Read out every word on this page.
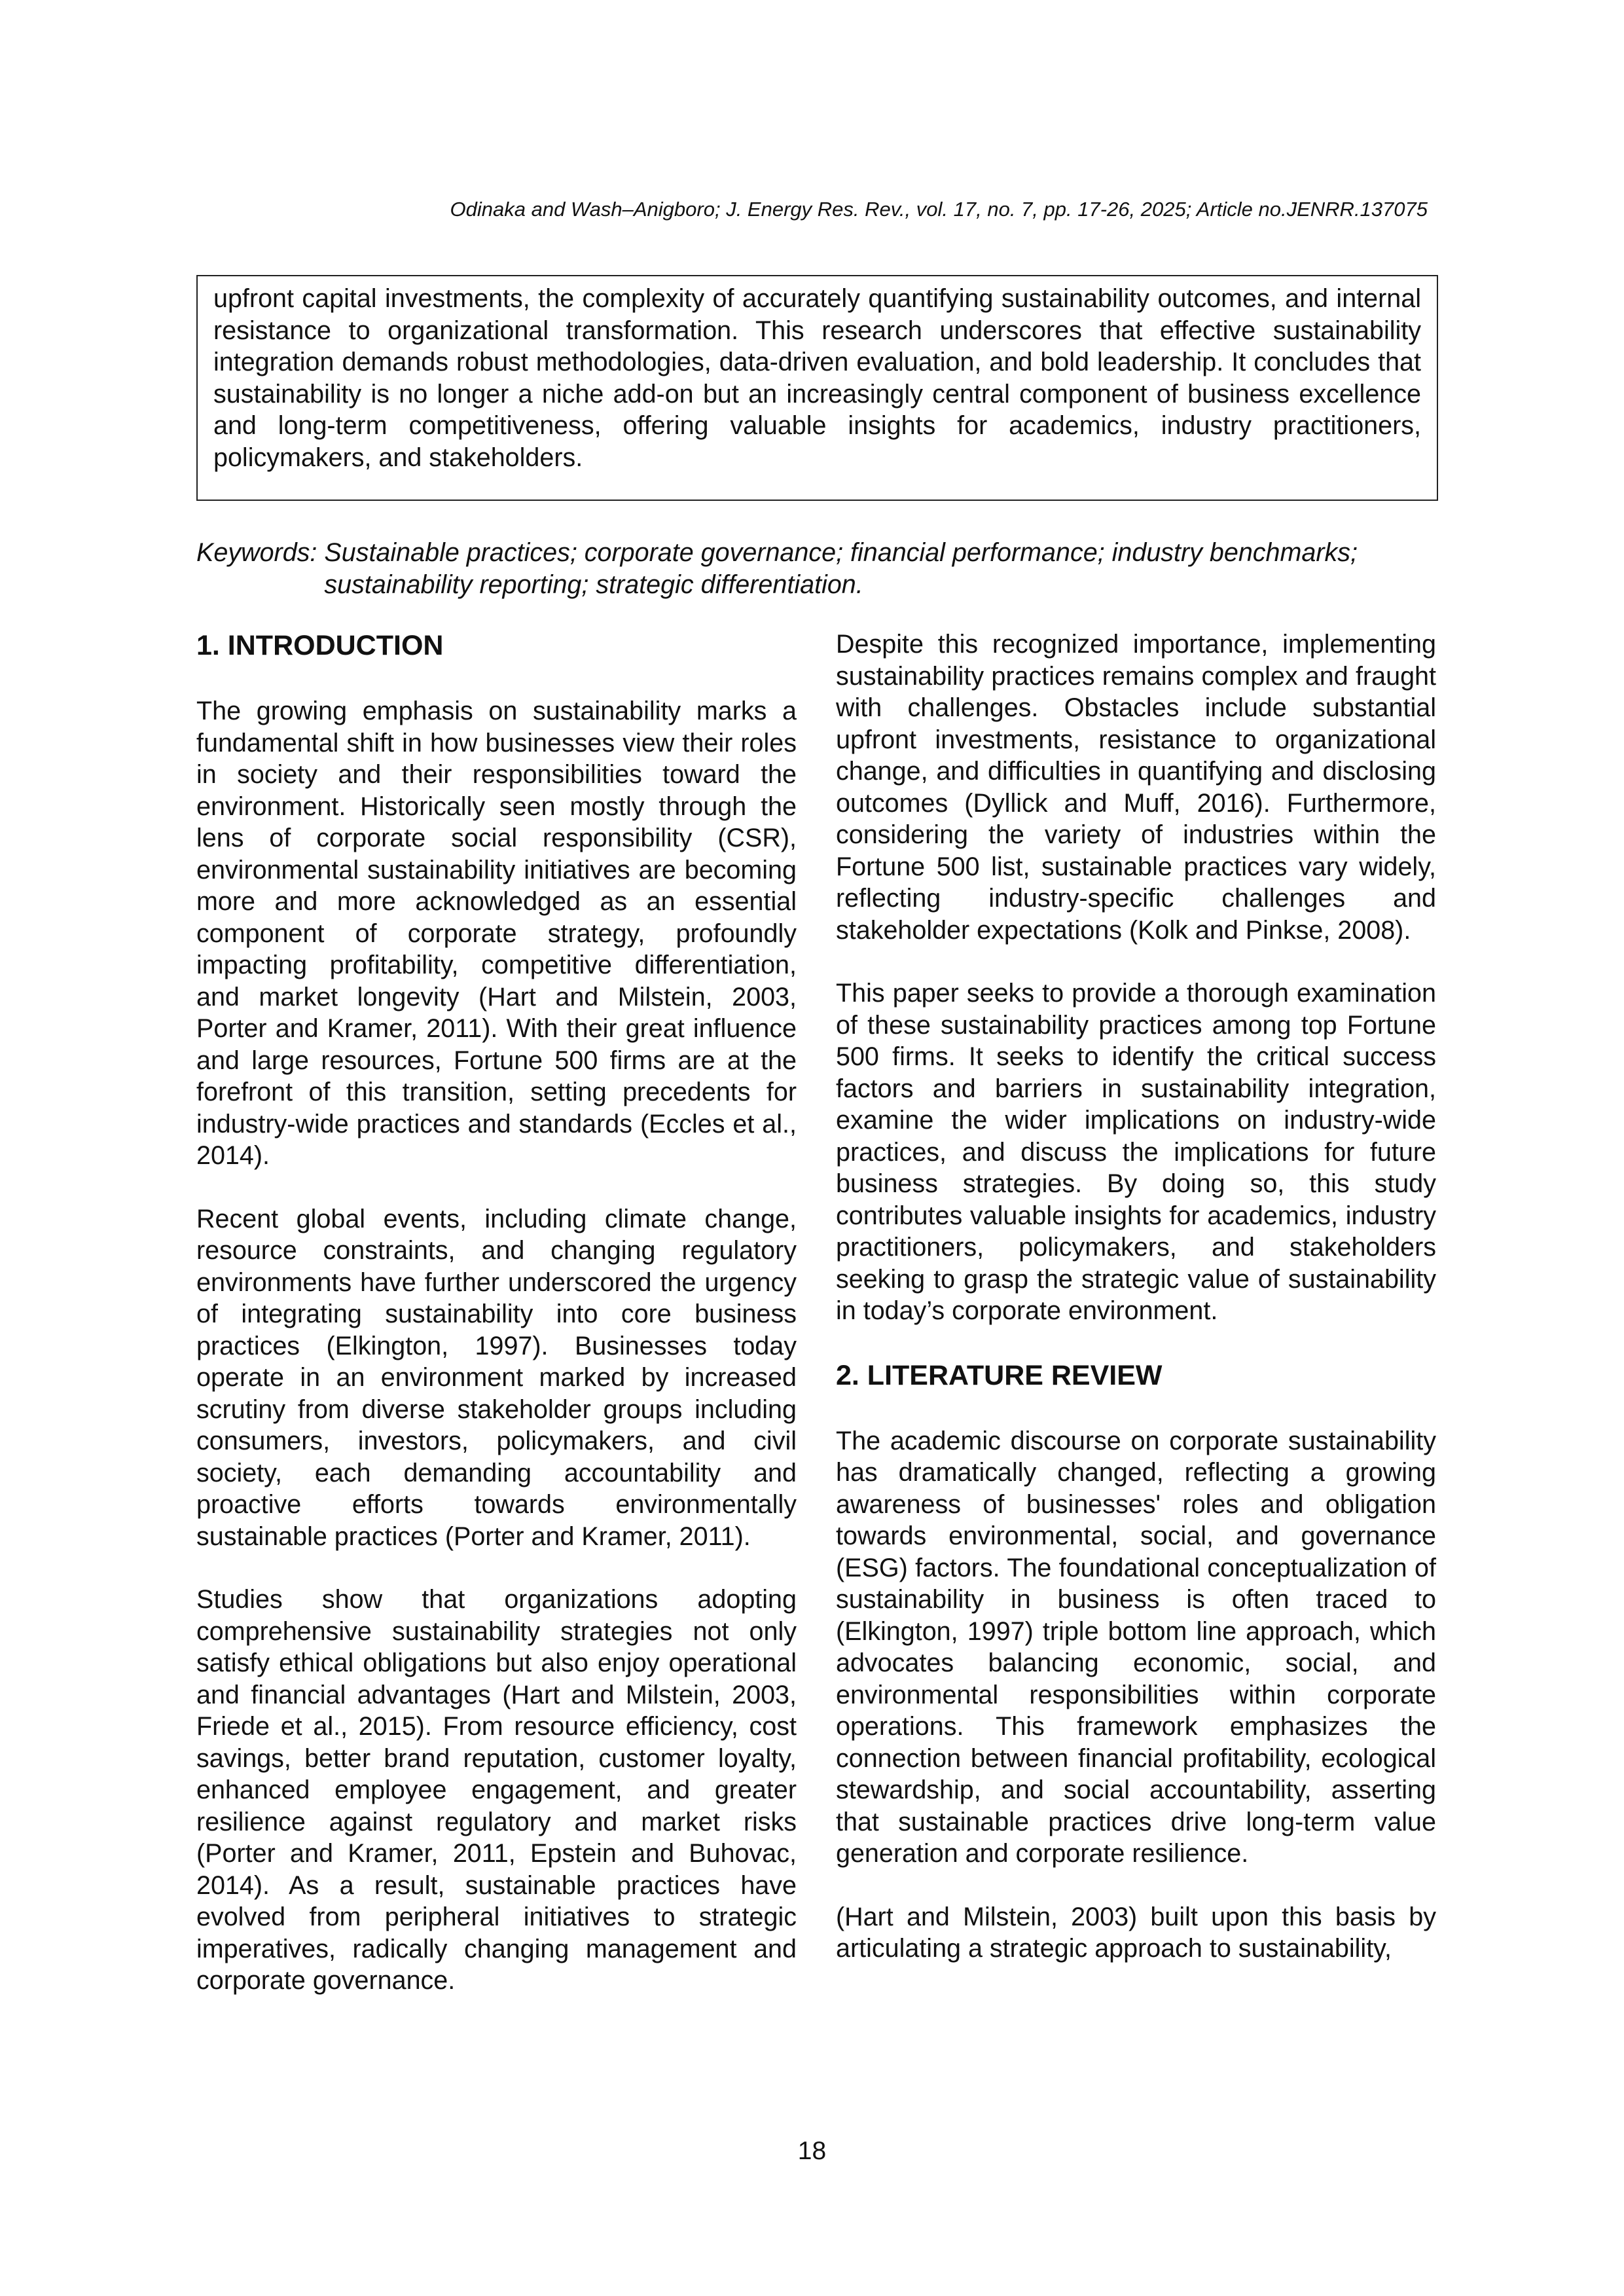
Odinaka and Wash–Anigboro; J. Energy Res. Rev., vol. 17, no. 7, pp. 17-26, 2025; Article no.JENRR.137075

upfront capital investments, the complexity of accurately quantifying sustainability outcomes, and internal resistance to organizational transformation. This research underscores that effective sustainability integration demands robust methodologies, data-driven evaluation, and bold leadership. It concludes that sustainability is no longer a niche add-on but an increasingly central component of business excellence and long-term competitiveness, offering valuable insights for academics, industry practitioners, policymakers, and stakeholders.

Keywords: Sustainable practices; corporate governance; financial performance; industry benchmarks; sustainability reporting; strategic differentiation.
1. INTRODUCTION

The growing emphasis on sustainability marks a fundamental shift in how businesses view their roles in society and their responsibilities toward the environment. Historically seen mostly through the lens of corporate social responsibility (CSR), environmental sustainability initiatives are becoming more and more acknowledged as an essential component of corporate strategy, profoundly impacting profitability, competitive differentiation, and market longevity (Hart and Milstein, 2003, Porter and Kramer, 2011). With their great influence and large resources, Fortune 500 firms are at the forefront of this transition, setting precedents for industry-wide practices and standards (Eccles et al., 2014).

Recent global events, including climate change, resource constraints, and changing regulatory environments have further underscored the urgency of integrating sustainability into core business practices (Elkington, 1997). Businesses today operate in an environment marked by increased scrutiny from diverse stakeholder groups including consumers, investors, policymakers, and civil society, each demanding accountability and proactive efforts towards environmentally sustainable practices (Porter and Kramer, 2011).

Studies show that organizations adopting comprehensive sustainability strategies not only satisfy ethical obligations but also enjoy operational and financial advantages (Hart and Milstein, 2003, Friede et al., 2015). From resource efficiency, cost savings, better brand reputation, customer loyalty, enhanced employee engagement, and greater resilience against regulatory and market risks (Porter and Kramer, 2011, Epstein and Buhovac, 2014). As a result, sustainable practices have evolved from peripheral initiatives to strategic imperatives, radically changing management and corporate governance.

Despite this recognized importance, implementing sustainability practices remains complex and fraught with challenges. Obstacles include substantial upfront investments, resistance to organizational change, and difficulties in quantifying and disclosing outcomes (Dyllick and Muff, 2016). Furthermore, considering the variety of industries within the Fortune 500 list, sustainable practices vary widely, reflecting industry-specific challenges and stakeholder expectations (Kolk and Pinkse, 2008).

This paper seeks to provide a thorough examination of these sustainability practices among top Fortune 500 firms. It seeks to identify the critical success factors and barriers in sustainability integration, examine the wider implications on industry-wide practices, and discuss the implications for future business strategies. By doing so, this study contributes valuable insights for academics, industry practitioners, policymakers, and stakeholders seeking to grasp the strategic value of sustainability in today’s corporate environment.

2. LITERATURE REVIEW

The academic discourse on corporate sustainability has dramatically changed, reflecting a growing awareness of businesses' roles and obligation towards environmental, social, and governance (ESG) factors. The foundational conceptualization of sustainability in business is often traced to (Elkington, 1997) triple bottom line approach, which advocates balancing economic, social, and environmental responsibilities within corporate operations. This framework emphasizes the connection between financial profitability, ecological stewardship, and social accountability, asserting that sustainable practices drive long-term value generation and corporate resilience.

(Hart and Milstein, 2003) built upon this basis by articulating a strategic approach to sustainability,

18
